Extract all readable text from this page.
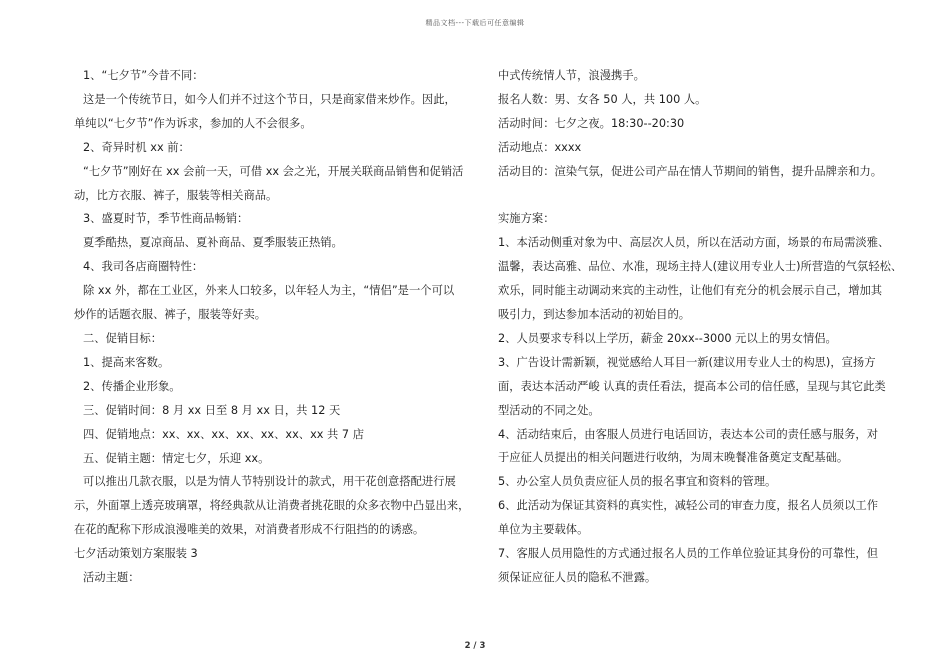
精品文档---下载后可任意编辑

1、“七夕节”今昔不同：

这是一个传统节日，如今人们并不过这个节日，只是商家借来炒作。因此，

单纯以“七夕节”作为诉求，参加的人不会很多。

2、奇异时机 xx 前：

“七夕节”刚好在 xx 会前一天，可借 xx 会之光，开展关联商品销售和促销活

动，比方衣服、裤子，服装等相关商品。

3、盛夏时节，季节性商品畅销：

夏季酷热，夏凉商品、夏补商品、夏季服装正热销。

4、我司各店商圈特性：

除 xx 外，都在工业区，外来人口较多，以年轻人为主，“情侣”是一个可以

炒作的话题衣服、裤子，服装等好卖。

二、促销目标：

1、提高来客数。

2、传播企业形象。

三、促销时间：8 月 xx 日至 8 月 xx 日，共 12 天

四、促销地点：xx、xx、xx、xx、xx、xx、xx 共 7 店

五、促销主题：情定七夕，乐迎 xx。

可以推出几款衣服，以是为情人节特别设计的款式，用干花创意搭配进行展

示，外面罩上透亮玻璃罩，将经典款从让消费者挑花眼的众多衣物中凸显出来，

在花的配称下形成浪漫唯美的效果，对消费者形成不行阻挡的的诱惑。

七夕活动策划方案服装 3

活动主题：

中式传统情人节，浪漫携手。

报名人数：男、女各 50 人，共 100 人。

活动时间：七夕之夜。18:30--20:30

活动地点：xxxx

活动目的：渲染气氛，促进公司产品在情人节期间的销售，提升品牌亲和力。

实施方案：

1、本活动侧重对象为中、高层次人员，所以在活动方面，场景的布局需淡雅、

温馨，表达高雅、品位、水准，现场主持人(建议用专业人士)所营造的气氛轻松、

欢乐，同时能主动调动来宾的主动性，让他们有充分的机会展示自己，增加其

吸引力，到达参加本活动的初始目的。

2、人员要求专科以上学历，薪金 20xx--3000 元以上的男女情侣。

3、广告设计需新颖，视觉感给人耳目一新(建议用专业人士的构思)，宣扬方

面，表达本活动严峻 认真的责任看法，提高本公司的信任感，呈现与其它此类

型活动的不同之处。

4、活动结束后，由客服人员进行电话回访，表达本公司的责任感与服务，对

于应征人员提出的相关问题进行收纳，为周末晚餐准备奠定支配基础。

5、办公室人员负责应征人员的报名事宜和资料的管理。

6、此活动为保证其资料的真实性，减轻公司的审查力度，报名人员须以工作

单位为主要载体。

7、客服人员用隐性的方式通过报名人员的工作单位验证其身份的可靠性，但

须保证应征人员的隐私不泄露。

2 / 3
